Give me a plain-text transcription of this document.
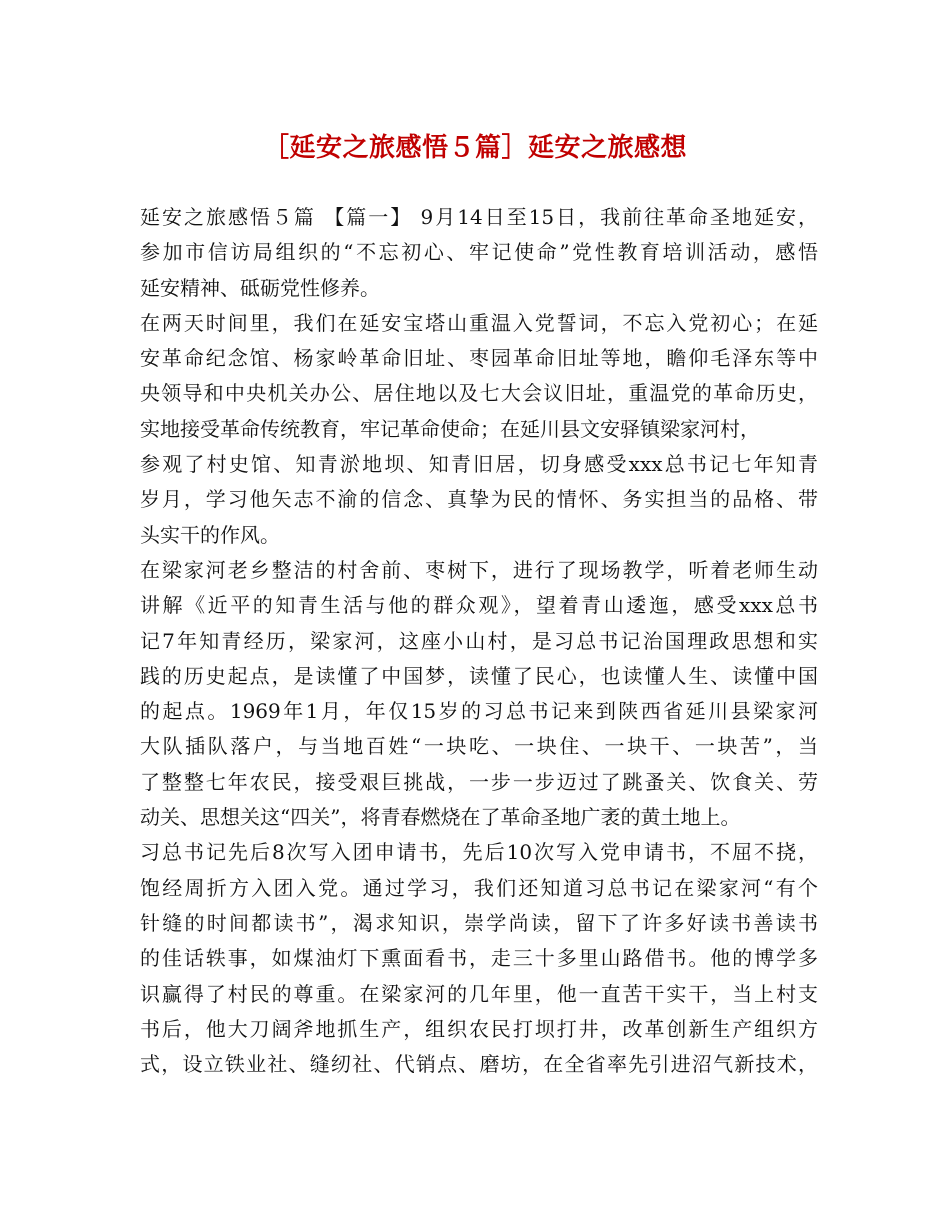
［延安之旅感悟５篇］延安之旅感想
延安之旅感悟５篇 【篇一】 9月14日至15日，我前往革命圣地延安，
参加市信访局组织的“不忘初心、牢记使命”党性教育培训活动，感悟
延安精神、砥砺党性修养。
在两天时间里，我们在延安宝塔山重温入党誓词，不忘入党初心；在延
安革命纪念馆、杨家岭革命旧址、枣园革命旧址等地，瞻仰毛泽东等中
央领导和中央机关办公、居住地以及七大会议旧址，重温党的革命历史，
实地接受革命传统教育，牢记革命使命；在延川县文安驿镇梁家河村，
参观了村史馆、知青淤地坝、知青旧居，切身感受xxx总书记七年知青
岁月，学习他矢志不渝的信念、真挚为民的情怀、务实担当的品格、带
头实干的作风。
在梁家河老乡整洁的村舍前、枣树下，进行了现场教学，听着老师生动
讲解《近平的知青生活与他的群众观》，望着青山逶迤，感受xxx总书
记7年知青经历，梁家河，这座小山村，是习总书记治国理政思想和实
践的历史起点，是读懂了中国梦，读懂了民心，也读懂人生、读懂中国
的起点。1969年1月，年仅15岁的习总书记来到陕西省延川县梁家河
大队插队落户，与当地百姓“一块吃、一块住、一块干、一块苦”，当
了整整七年农民，接受艰巨挑战，一步一步迈过了跳蚤关、饮食关、劳
动关、思想关这“四关”，将青春燃烧在了革命圣地广袤的黄土地上。
习总书记先后8次写入团申请书，先后10次写入党申请书，不屈不挠，
饱经周折方入团入党。通过学习，我们还知道习总书记在梁家河“有个
针缝的时间都读书”，渴求知识，崇学尚读，留下了许多好读书善读书
的佳话轶事，如煤油灯下熏面看书，走三十多里山路借书。他的博学多
识赢得了村民的尊重。在梁家河的几年里，他一直苦干实干，当上村支
书后，他大刀阔斧地抓生产，组织农民打坝打井，改革创新生产组织方
式，设立铁业社、缝纫社、代销点、磨坊，在全省率先引进沼气新技术，
